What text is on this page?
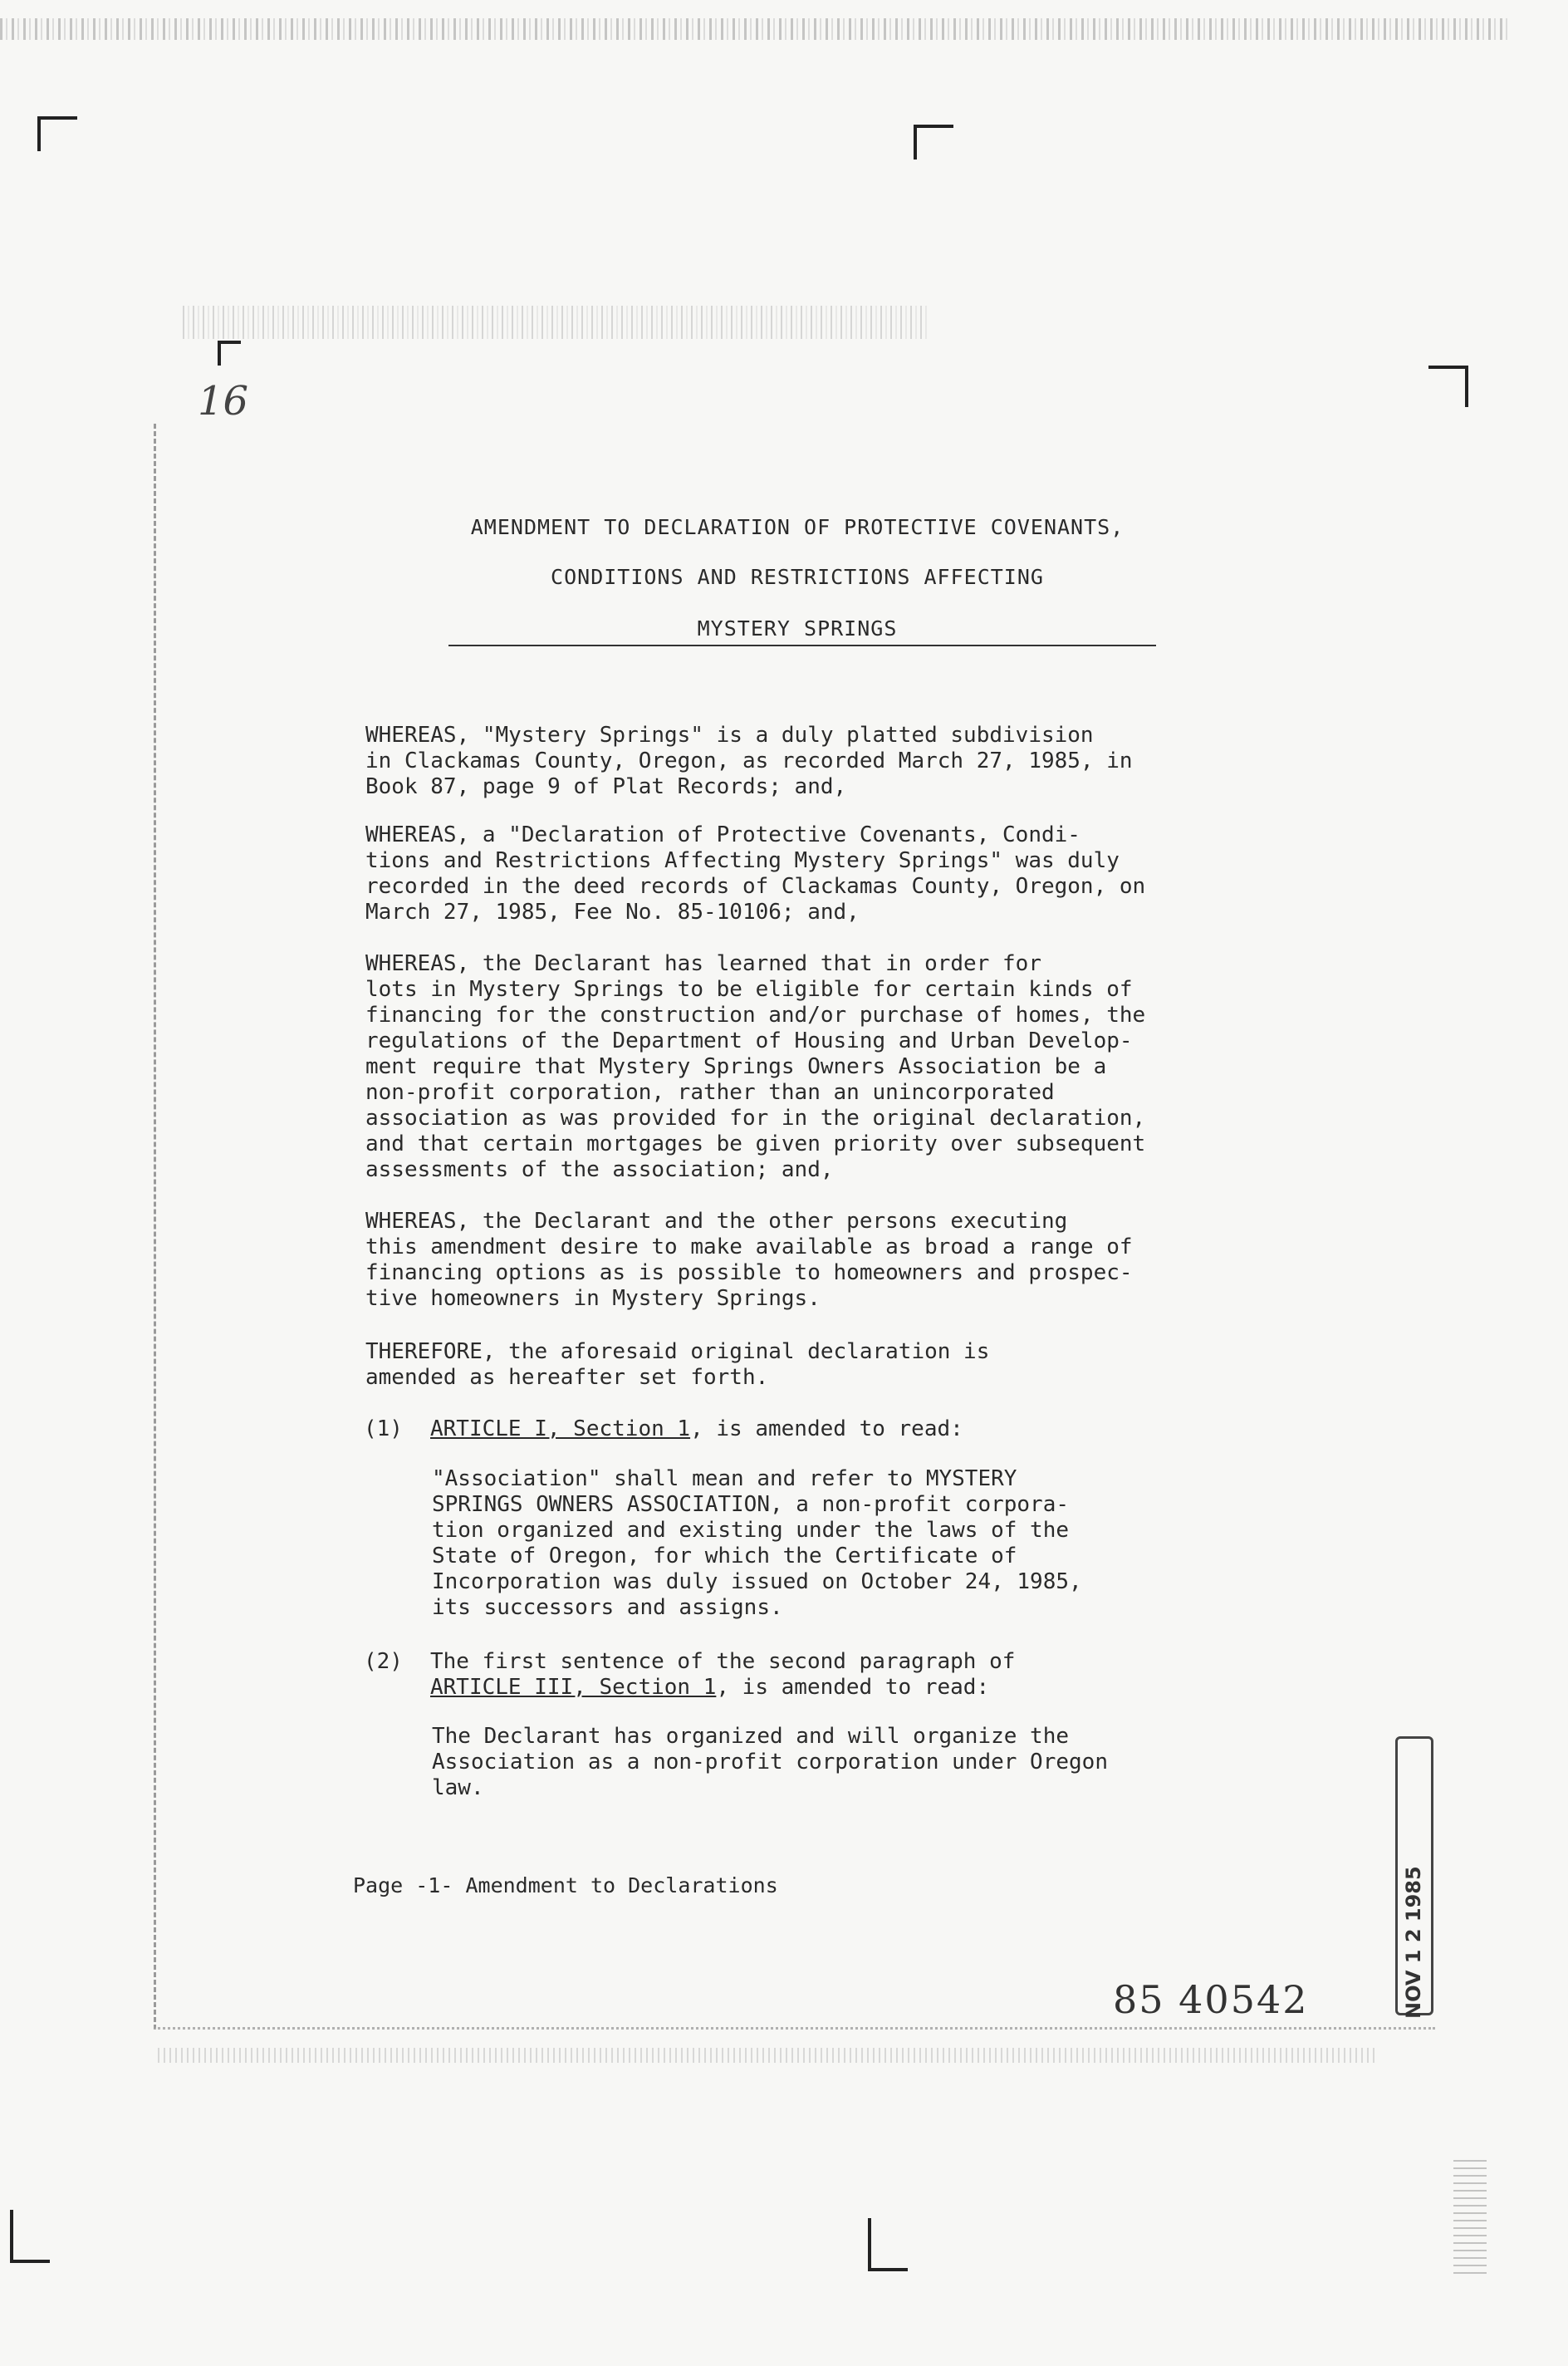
16
AMENDMENT TO DECLARATION OF PROTECTIVE COVENANTS,
CONDITIONS AND RESTRICTIONS AFFECTING
MYSTERY SPRINGS
WHEREAS, "Mystery Springs" is a duly platted subdivision
in Clackamas County, Oregon, as recorded March 27, 1985, in
Book 87, page 9 of Plat Records; and,
WHEREAS, a "Declaration of Protective Covenants, Condi-
tions and Restrictions Affecting Mystery Springs" was duly
recorded in the deed records of Clackamas County, Oregon, on
March 27, 1985, Fee No. 85-10106; and,
WHEREAS, the Declarant has learned that in order for
lots in Mystery Springs to be eligible for certain kinds of
financing for the construction and/or purchase of homes, the
regulations of the Department of Housing and Urban Develop-
ment require that Mystery Springs Owners Association be a
non-profit corporation, rather than an unincorporated
association as was provided for in the original declaration,
and that certain mortgages be given priority over subsequent
assessments of the association; and,
WHEREAS, the Declarant and the other persons executing
this amendment desire to make available as broad a range of
financing options as is possible to homeowners and prospec-
tive homeowners in Mystery Springs.
THEREFORE, the aforesaid original declaration is
amended as hereafter set forth.
(1) ARTICLE I, Section 1, is amended to read:
"Association" shall mean and refer to MYSTERY
SPRINGS OWNERS ASSOCIATION, a non-profit corpora-
tion organized and existing under the laws of the
State of Oregon, for which the Certificate of
Incorporation was duly issued on October 24, 1985,
its successors and assigns.
(2) The first sentence of the second paragraph of
ARTICLE III, Section 1, is amended to read:
The Declarant has organized and will organize the
Association as a non-profit corporation under Oregon
law.
Page -1- Amendment to Declarations
85 40542	NOV 1 2 1985
